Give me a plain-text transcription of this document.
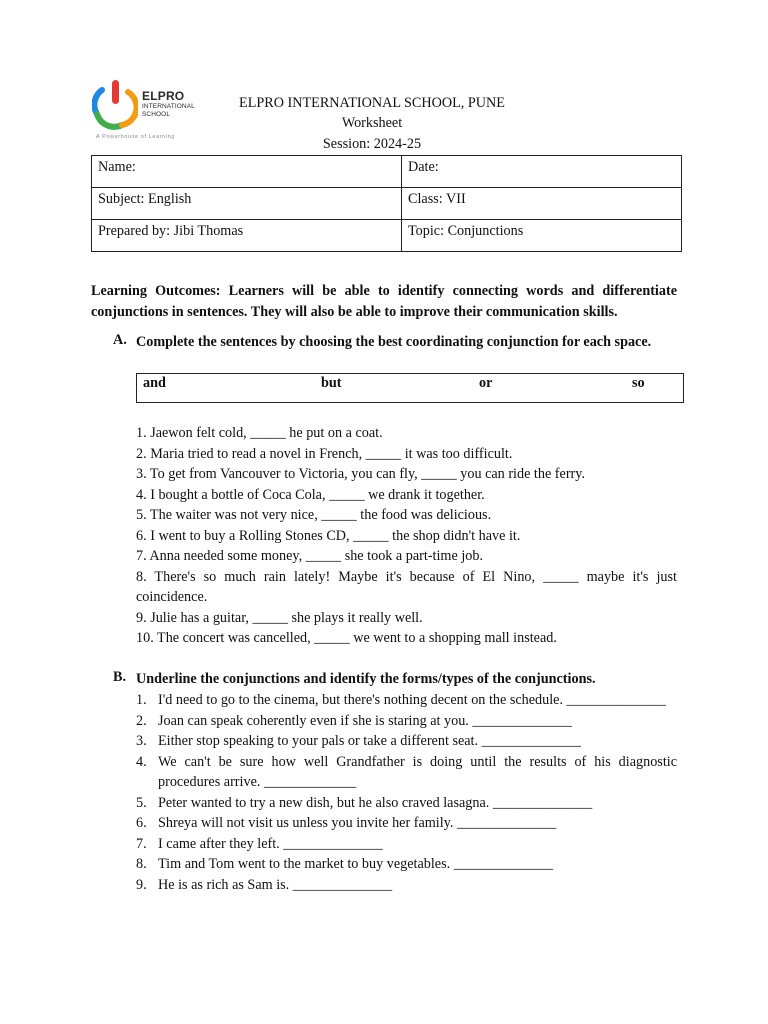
ELPRO
INTERNATIONAL
SCHOOL
A Powerhouse of Learning
ELPRO INTERNATIONAL SCHOOL, PUNE
Worksheet
Session: 2024-25
Name:	Date:
Subject: English	Class: VII
Prepared by: Jibi Thomas	Topic: Conjunctions
Learning Outcomes: Learners will be able to identify connecting words and differentiate conjunctions in sentences. They will also be able to improve their communication skills.
A. Complete the sentences by choosing the best coordinating conjunction for each space.
and	but	or	so
1. Jaewon felt cold, _____ he put on a coat.
2. Maria tried to read a novel in French, _____ it was too difficult.
3. To get from Vancouver to Victoria, you can fly, _____ you can ride the ferry.
4. I bought a bottle of Coca Cola, _____ we drank it together.
5. The waiter was not very nice, _____ the food was delicious.
6. I went to buy a Rolling Stones CD, _____ the shop didn't have it.
7. Anna needed some money, _____ she took a part-time job.
8. There's so much rain lately! Maybe it's because of El Nino, _____ maybe it's just coincidence.
9. Julie has a guitar, _____ she plays it really well.
10. The concert was cancelled, _____ we went to a shopping mall instead.
B. Underline the conjunctions and identify the forms/types of the conjunctions.
1. I'd need to go to the cinema, but there's nothing decent on the schedule. ______________
2. Joan can speak coherently even if she is staring at you. ______________
3. Either stop speaking to your pals or take a different seat. ______________
4. We can't be sure how well Grandfather is doing until the results of his diagnostic procedures arrive. _____________
5. Peter wanted to try a new dish, but he also craved lasagna. ______________
6. Shreya will not visit us unless you invite her family. ______________
7. I came after they left. ______________
8. Tim and Tom went to the market to buy vegetables. ______________
9. He is as rich as Sam is. ______________
